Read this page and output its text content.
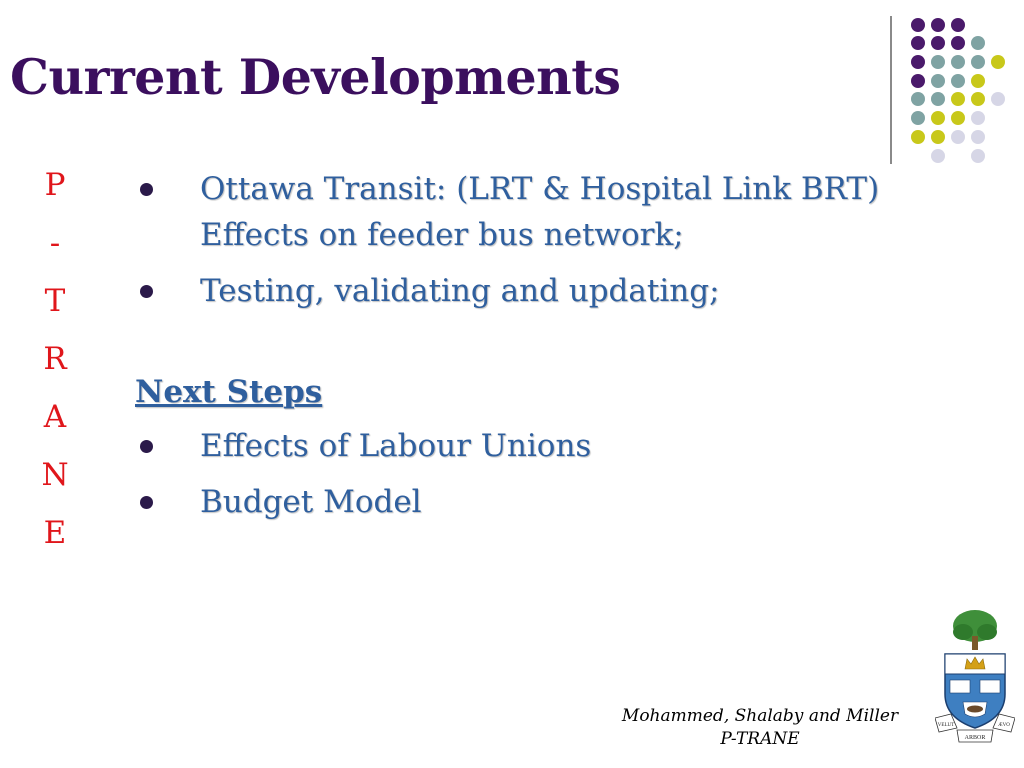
Current Developments
P
-
T
R
A
N
E
Ottawa Transit: (LRT & Hospital Link BRT) Effects on feeder bus network;
Testing, validating and updating;
Next Steps
Effects of Labour Unions
Budget Model
Mohammed, Shalaby and Miller
P-TRANE
VELUT	ÆVO
ARBOR
